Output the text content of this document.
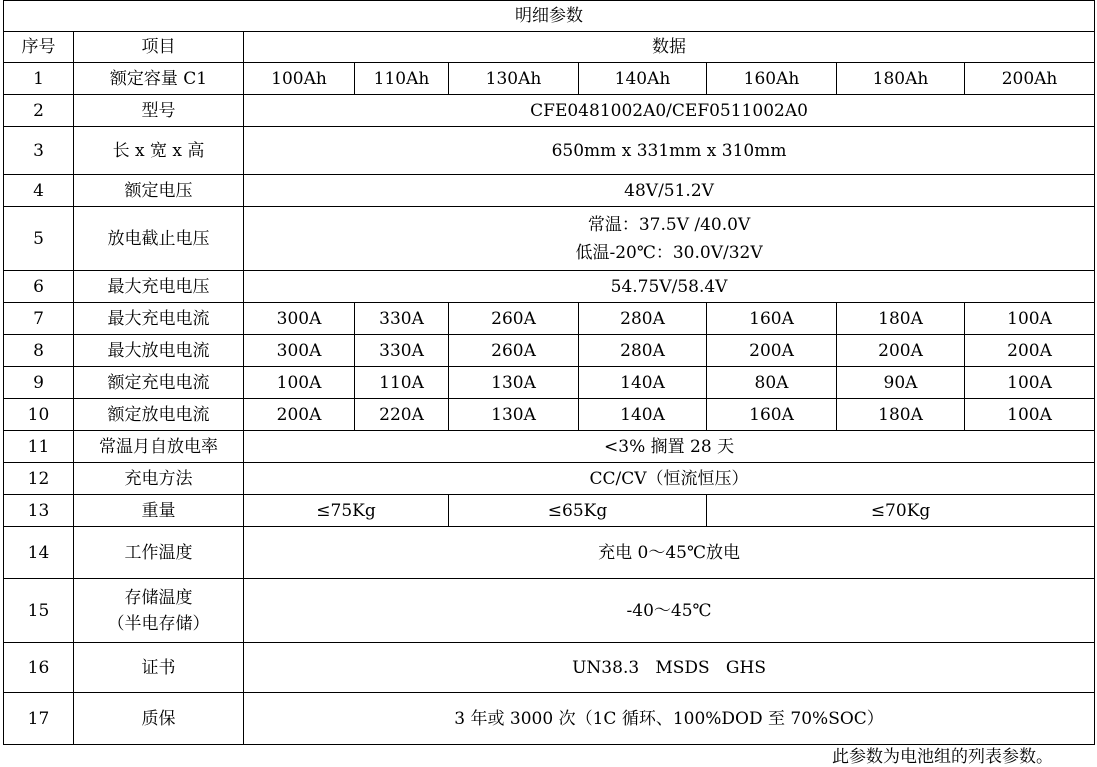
明细参数								
序号	项目	数据						
1	额定容量 C1	100Ah	110Ah	130Ah	140Ah	160Ah	180Ah	200Ah
2	型号	CFE0481002A0/CEF0511002A0						
3	长 x 宽 x 高	650mm x 331mm x 310mm						
4	额定电压	48V/51.2V						
5	放电截止电压	常温：37.5V /40.0V
低温-20℃：30.0V/32V						

6	最大充电电压	54.75V/58.4V						
7	最大充电电流	300A	330A	260A	280A	160A	180A	100A
8	最大放电电流	300A	330A	260A	280A	200A	200A	200A
9	额定充电电流	100A	110A	130A	140A	80A	90A	100A
10	额定放电电流	200A	220A	130A	140A	160A	180A	100A
11	常温月自放电率	<3% 搁置 28 天						
12	充电方法	CC/CV（恒流恒压）						
13	重量	≤75Kg		≤65Kg		≤70Kg		
14	工作温度	充电 0～45℃放电						
15	存储温度
（半电存储）	-40～45℃						
16	证书	UN38.3   MSDS   GHS						
17	质保	3 年或 3000 次（1C 循环、100%DOD 至 70%SOC）						
此参数为电池组的列表参数。
